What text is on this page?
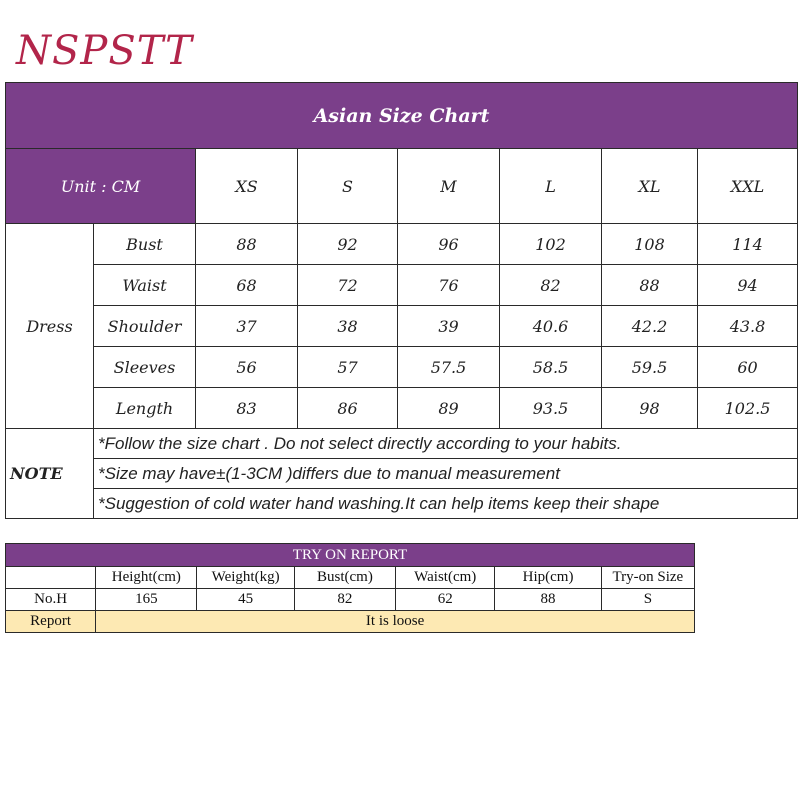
NSPSTT
Asian Size Chart							
Unit : CM		XS	S	M	L	XL	XXL
Dress	Bust	88	92	96	102	108	114
	Waist	68	72	76	82	88	94
	Shoulder	37	38	39	40.6	42.2	43.8
	Sleeves	56	57	57.5	58.5	59.5	60
	Length	83	86	89	93.5	98	102.5
NOTE	*Follow the size chart . Do not select directly according to your habits.						
	*Size may have±(1-3CM )differs due to manual measurement						
	*Suggestion of cold water hand washing.It can help items keep their shape						
TRY ON REPORT						
	Height(cm)	Weight(kg)	Bust(cm)	Waist(cm)	Hip(cm)	Try-on Size
No.H	165	45	82	62	88	S
Report	It is loose					
